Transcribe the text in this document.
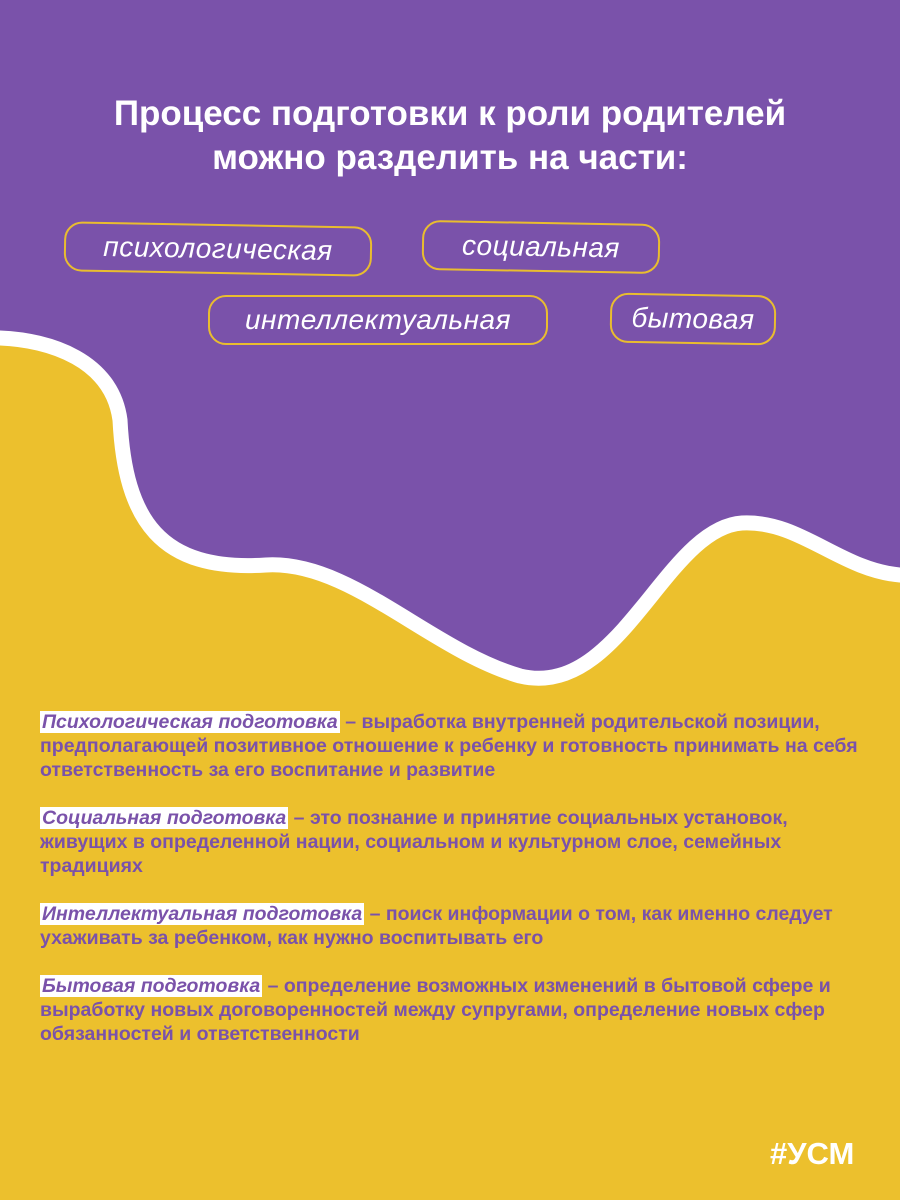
Процесс подготовки к роли родителей
можно разделить на части:
психологическая	социальная
интеллектуальная	бытовая
Психологическая подготовка – выработка внутренней родительской позиции, предполагающей позитивное отношение к ребенку и готовность принимать на себя ответственность за его воспитание и развитие
Социальная подготовка – это познание и принятие социальных установок, живущих в определенной нации, социальном и культурном слое, семейных традициях
Интеллектуальная подготовка – поиск информации о том, как именно следует ухаживать за ребенком, как нужно воспитывать его
Бытовая подготовка – определение возможных изменений в бытовой сфере и выработку новых договоренностей между супругами, определение новых сфер обязанностей и ответственности
#УСМ
